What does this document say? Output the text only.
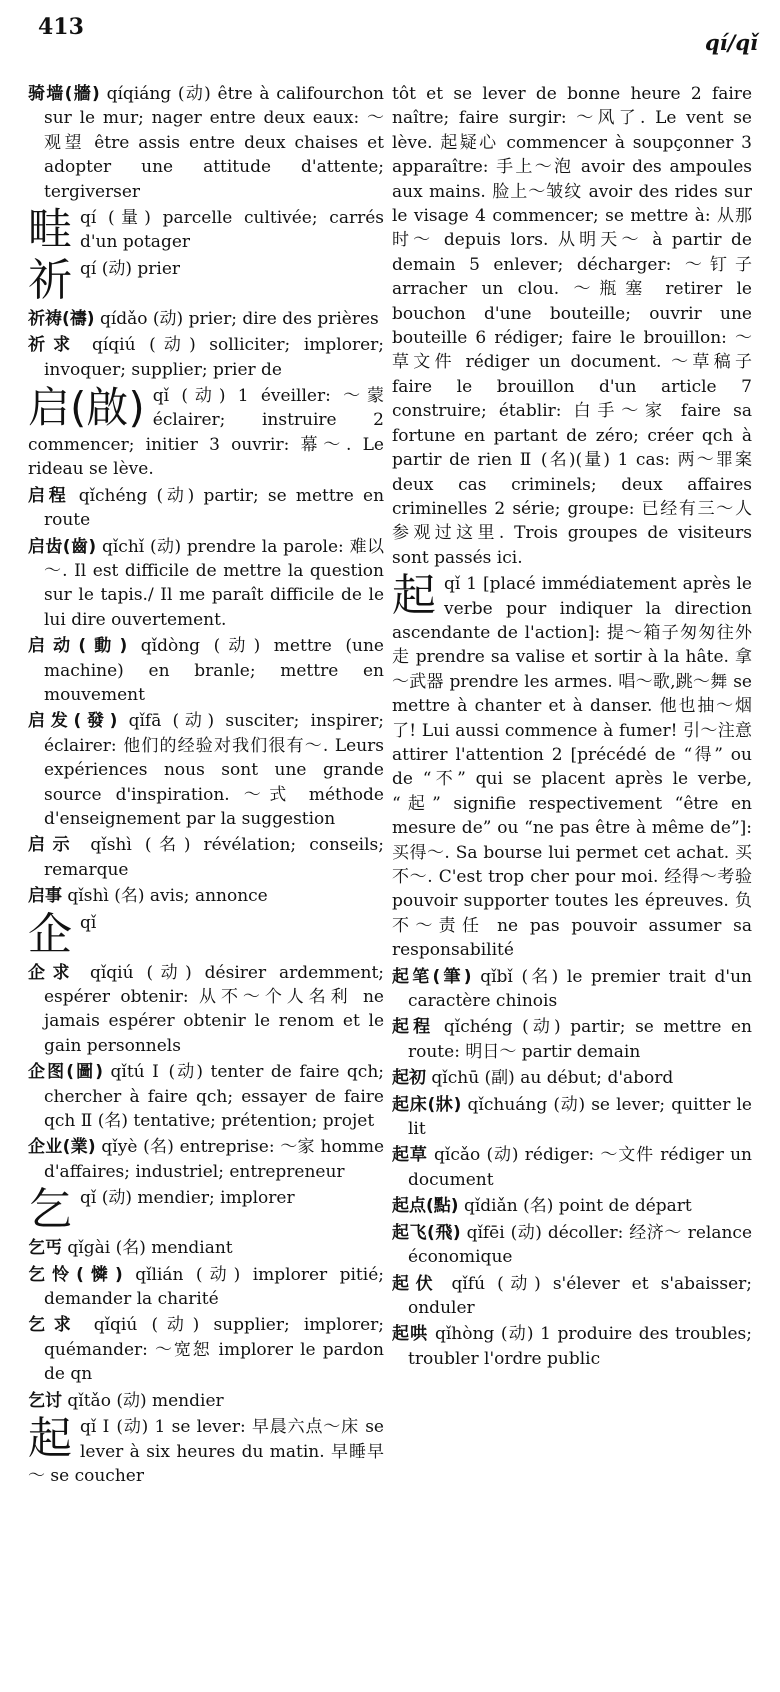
413
qí/qǐ

骑墙(牆) qíqiáng (动) être à califourchon sur le mur; nager entre deux eaux: ～观望 être assis entre deux chaises et adopter une attitude d'attente; tergiverser

畦qí (量) parcelle cultivée; carrés d'un potager
祈qí (动) prier

祈祷(禱) qídǎo (动) prier; dire des prières

祈求 qíqiú (动) solliciter; implorer; invoquer; supplier; prier de

启(啟) qǐ (动) 1 éveiller: ～蒙 éclairer; instruire 2 commencer; initier 3 ouvrir: 幕～. Le rideau se lève.

启程 qǐchéng (动) partir; se mettre en route

启齿(齒) qǐchǐ (动) prendre la parole: 难以～. Il est difficile de mettre la question sur le tapis./ Il me paraît difficile de le lui dire ouvertement.

启动(動) qǐdòng (动) mettre (une machine) en branle; mettre en mouvement

启发(發) qǐfā (动) susciter; inspirer; éclairer: 他们的经验对我们很有～. Leurs expériences nous sont une grande source d'inspiration. ～式 méthode d'enseignement par la suggestion

启示 qǐshì (名) révélation; conseils; remarque

启事 qǐshì (名) avis; annonce

企qǐ

企求 qǐqiú (动) désirer ardemment; espérer obtenir: 从不～个人名利 ne jamais espérer obtenir le renom et le gain personnels

企图(圖) qǐtú Ⅰ (动) tenter de faire qch; chercher à faire qch; essayer de faire qch Ⅱ (名) tentative; prétention; projet

企业(業) qǐyè (名) entreprise: ～家 homme d'affaires; industriel; entrepreneur

乞qǐ (动) mendier; implorer

乞丐 qǐgài (名) mendiant

乞怜(憐) qǐlián (动) implorer pitié; demander la charité

乞求 qǐqiú (动) supplier; implorer; quémander: ～宽恕 implorer le pardon de qn

乞讨 qǐtǎo (动) mendier

起qǐ Ⅰ (动) 1 se lever: 早晨六点～床 se lever à six heures du matin. 早睡早～ se coucher

tôt et se lever de bonne heure 2 faire naître; faire surgir: ～风了. Le vent se lève. 起疑心 commencer à soupçonner 3 apparaître: 手上～泡 avoir des ampoules aux mains. 脸上～皱纹 avoir des rides sur le visage 4 commencer; se mettre à: 从那时～ depuis lors. 从明天～ à partir de demain 5 enlever; décharger: ～钉子 arracher un clou. ～瓶塞 retirer le bouchon d'une bouteille; ouvrir une bouteille 6 rédiger; faire le brouillon: ～草文件 rédiger un document. ～草稿子 faire le brouillon d'un article 7 construire; établir: 白手～家 faire sa fortune en partant de zéro; créer qch à partir de rien Ⅱ (名)(量) 1 cas: 两～罪案 deux cas criminels; deux affaires criminelles 2 série; groupe: 已经有三～人参观过这里. Trois groupes de visiteurs sont passés ici.

起qǐ 1 [placé immédiatement après le verbe pour indiquer la direction ascendante de l'action]: 提～箱子匆匆往外走 prendre sa valise et sortir à la hâte. 拿～武器 prendre les armes. 唱～歌,跳～舞 se mettre à chanter et à danser. 他也抽～烟了! Lui aussi commence à fumer! 引～注意 attirer l'attention 2 [précédé de “得” ou de “不” qui se placent après le verbe, “起” signifie respectivement “être en mesure de” ou “ne pas être à même de”]: 买得～. Sa bourse lui permet cet achat. 买不～. C'est trop cher pour moi. 经得～考验 pouvoir supporter toutes les épreuves. 负不～责任 ne pas pouvoir assumer sa responsabilité

起笔(筆) qǐbǐ (名) le premier trait d'un caractère chinois

起程 qǐchéng (动) partir; se mettre en route: 明日～ partir demain

起初 qǐchū (副) au début; d'abord

起床(牀) qǐchuáng (动) se lever; quitter le lit

起草 qǐcǎo (动) rédiger: ～文件 rédiger un document

起点(點) qǐdiǎn (名) point de départ

起飞(飛) qǐfēi (动) décoller: 经济～ relance économique

起伏 qǐfú (动) s'élever et s'abaisser; onduler

起哄 qǐhòng (动) 1 produire des troubles; troubler l'ordre public
